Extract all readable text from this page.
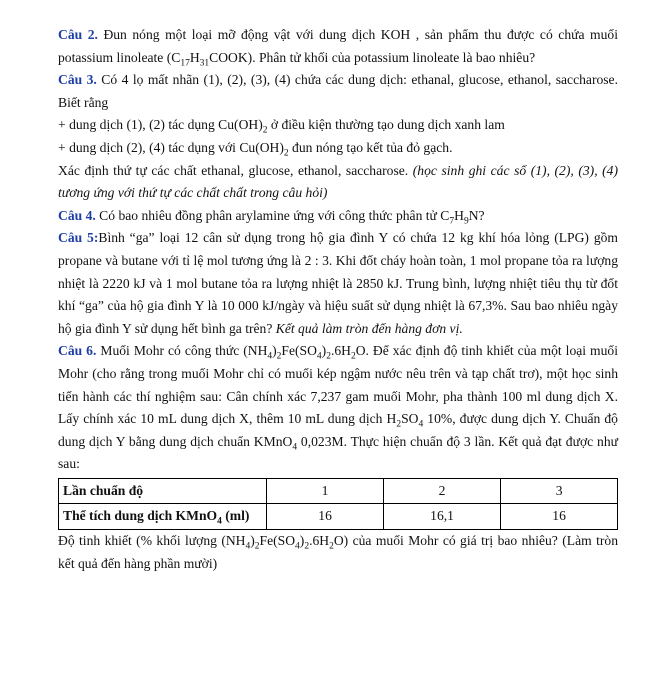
Câu 2. Đun nóng một loại mỡ động vật với dung dịch KOH , sản phẩm thu được có chứa muối potassium linoleate $(C_{17}H_{31}COOK)$. Phân tử khối của potassium linoleate là bao nhiêu?

Câu 3. Có 4 lọ mất nhãn (1), (2), (3), (4) chứa các dung dịch: ethanal, glucose, ethanol, saccharose. Biết rằng

+ dung dịch (1), (2) tác dụng $Cu(OH)_2$ ở điều kiện thường tạo dung dịch xanh lam

+ dung dịch (2), (4) tác dụng với $Cu(OH)_2$ đun nóng tạo kết tủa đỏ gạch.

Xác định thứ tự các chất ethanal, glucose, ethanol, saccharose. (học sinh ghi các số (1), (2), (3), (4) tương ứng với thứ tự các chất chất trong câu hỏi)

Câu 4. Có bao nhiêu đồng phân arylamine ứng với công thức phân tử $C_7H_9N$?

Câu 5:Bình “ga” loại 12 cân sử dụng trong hộ gia đình Y có chứa 12 kg khí hóa lỏng (LPG) gồm propane và butane với tỉ lệ mol tương ứng là 2 : 3. Khi đốt cháy hoàn toàn, 1 mol propane tỏa ra lượng nhiệt là 2220 kJ và 1 mol butane tỏa ra lượng nhiệt là 2850 kJ. Trung bình, lượng nhiệt tiêu thụ từ đốt khí “ga” của hộ gia đình Y là 10 000 kJ/ngày và hiệu suất sử dụng nhiệt là 67,3%. Sau bao nhiêu ngày hộ gia đình Y sử dụng hết bình ga trên? Kết quả làm tròn đến hàng đơn vị.

Câu 6. Muối Mohr có công thức $(NH_4)_2Fe(SO_4)_2.6H_2O$. Để xác định độ tinh khiết của một loại muối Mohr (cho rằng trong muối Mohr chỉ có muối kép ngậm nước nêu trên và tạp chất trơ), một học sinh tiến hành các thí nghiệm sau: Cân chính xác 7,237 gam muối Mohr, pha thành 100 ml dung dịch X. Lấy chính xác 10 mL dung dịch X, thêm 10 mL dung dịch $H_2SO_4$ 10%, được dung dịch Y. Chuẩn độ dung dịch Y bằng dung dịch chuẩn KMnO$_4$ 0,023M. Thực hiện chuẩn độ 3 lần. Kết quả đạt được như sau:

Lần chuẩn độ	1	2	3
Thể tích dung dịch KMnO$_4$ (ml)	16	16,1	16

Độ tinh khiết (% khối lượng $(NH_4)_2Fe(SO_4)_2.6H_2O$) của muối Mohr có giá trị bao nhiêu? (Làm tròn kết quả đến hàng phần mười)
